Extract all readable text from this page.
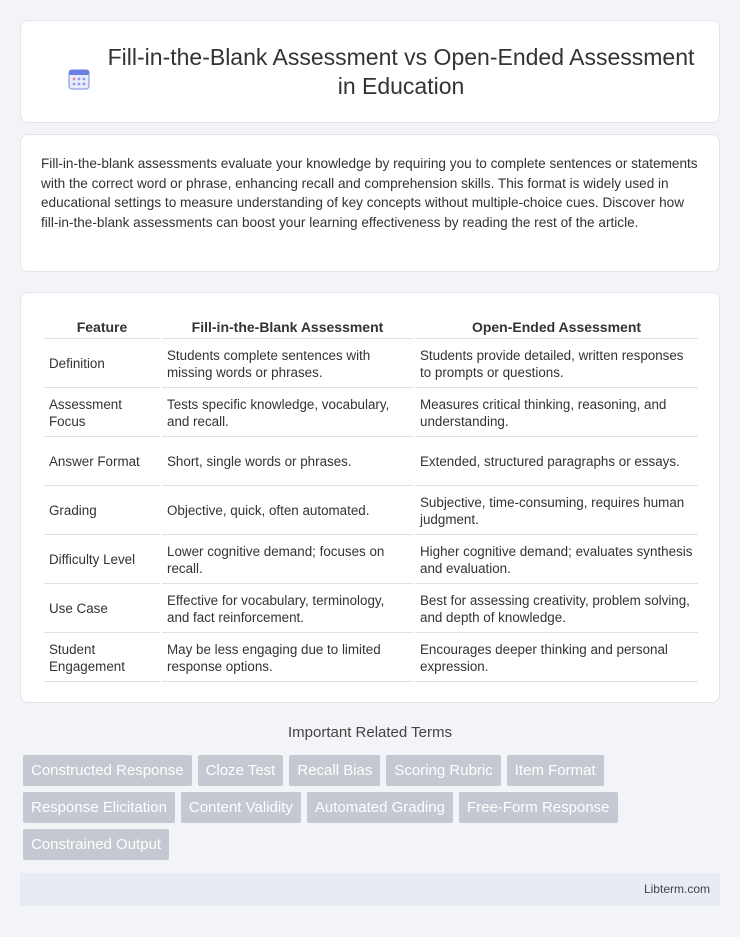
Fill-in-the-Blank Assessment vs Open-Ended Assessment in Education

Fill-in-the-blank assessments evaluate your knowledge by requiring you to complete sentences or statements with the correct word or phrase, enhancing recall and comprehension skills. This format is widely used in educational settings to measure understanding of key concepts without multiple-choice cues. Discover how fill-in-the-blank assessments can boost your learning effectiveness by reading the rest of the article.

Feature	Fill-in-the-Blank Assessment	Open-Ended Assessment
Definition	Students complete sentences with missing words or phrases.	Students provide detailed, written responses to prompts or questions.
Assessment Focus	Tests specific knowledge, vocabulary, and recall.	Measures critical thinking, reasoning, and understanding.
Answer Format	Short, single words or phrases.	Extended, structured paragraphs or essays.
Grading	Objective, quick, often automated.	Subjective, time-consuming, requires human judgment.
Difficulty Level	Lower cognitive demand; focuses on recall.	Higher cognitive demand; evaluates synthesis and evaluation.
Use Case	Effective for vocabulary, terminology, and fact reinforcement.	Best for assessing creativity, problem solving, and depth of knowledge.
Student Engagement	May be less engaging due to limited response options.	Encourages deeper thinking and personal expression.
Important Related Terms
Constructed Response	Cloze Test	Recall Bias	Scoring Rubric	Item Format
Response Elicitation	Content Validity	Automated Grading	Free-Form Response
Constrained Output
Libterm.com
